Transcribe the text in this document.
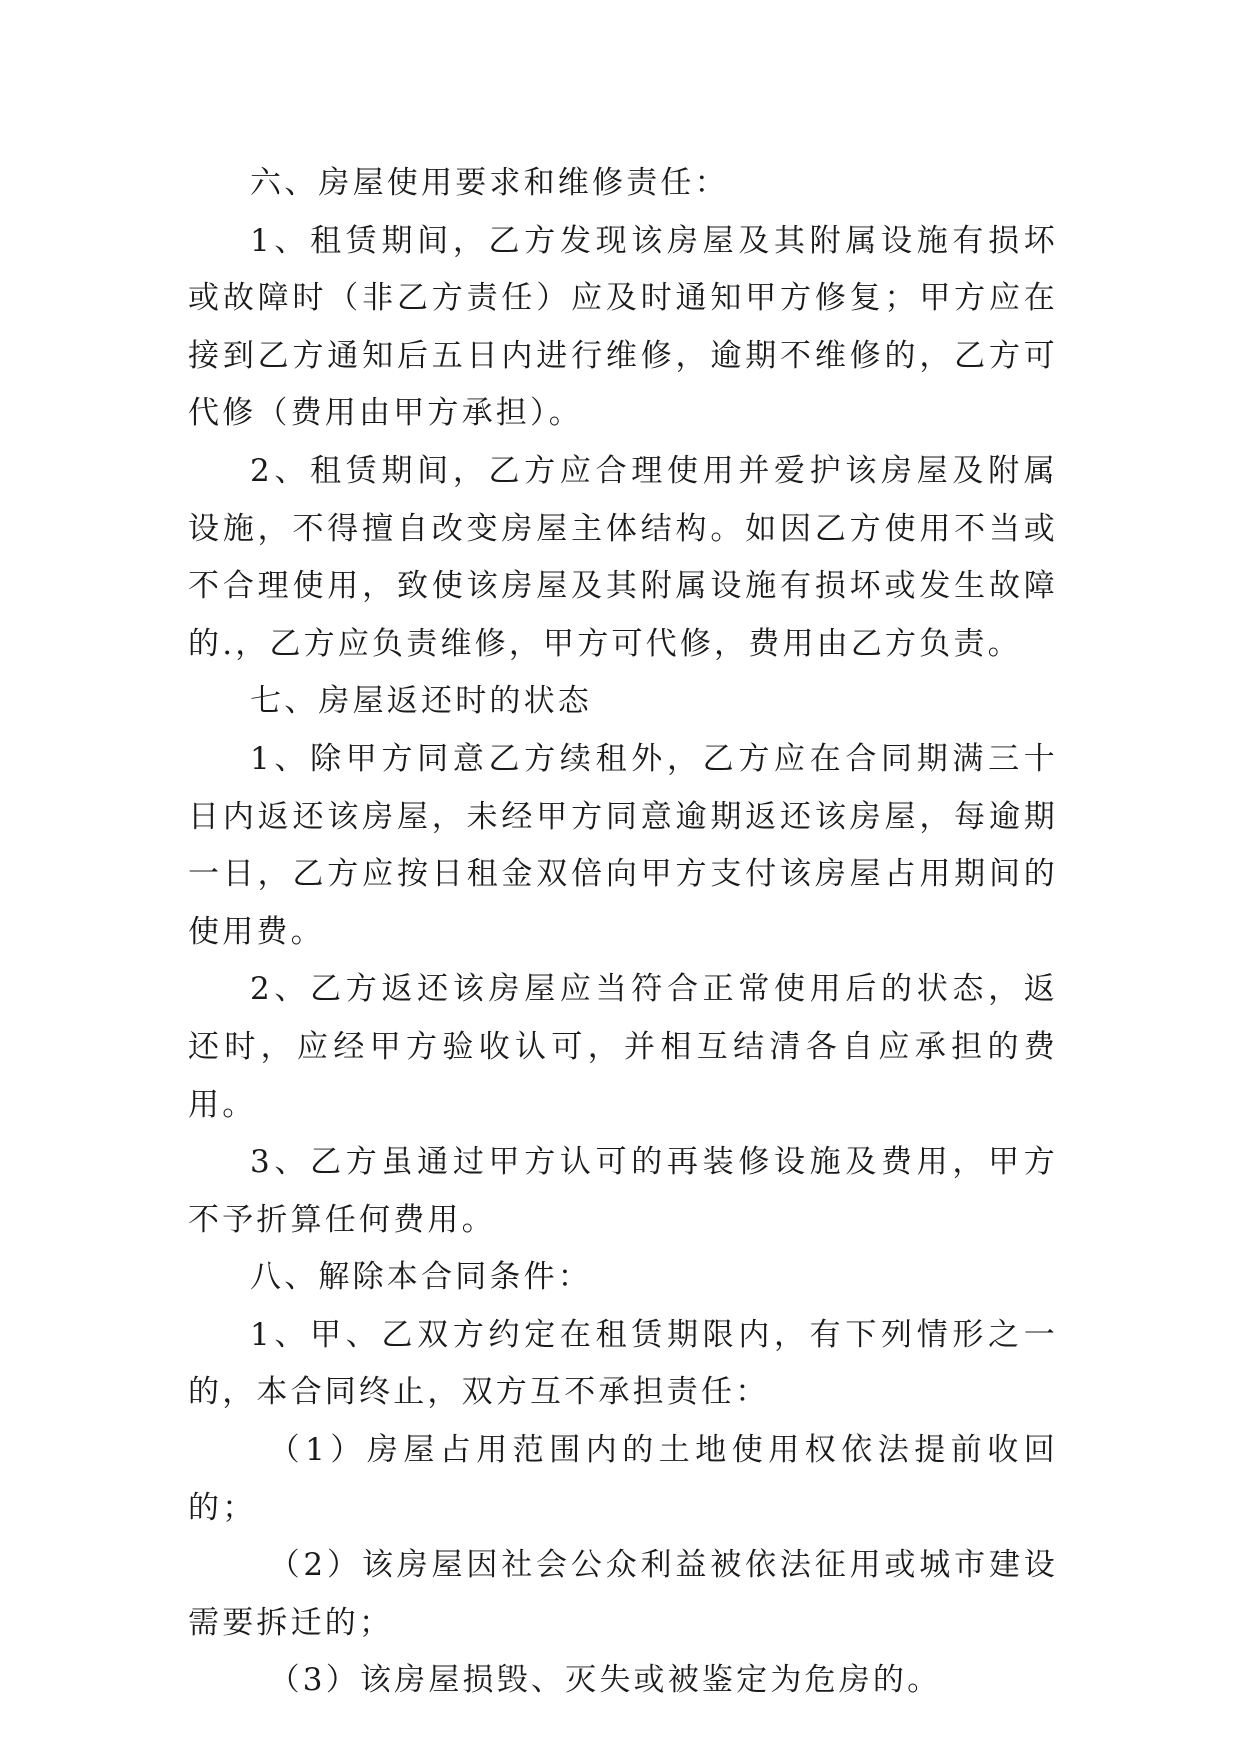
六、房屋使用要求和维修责任：

1、租赁期间，乙方发现该房屋及其附属设施有损坏或故障时（非乙方责任）应及时通知甲方修复；甲方应在接到乙方通知后五日内进行维修，逾期不维修的，乙方可代修（费用由甲方承担）。

2、租赁期间，乙方应合理使用并爱护该房屋及附属设施，不得擅自改变房屋主体结构。如因乙方使用不当或不合理使用，致使该房屋及其附属设施有损坏或发生故障的.，乙方应负责维修，甲方可代修，费用由乙方负责。

七、房屋返还时的状态

1、除甲方同意乙方续租外，乙方应在合同期满三十日内返还该房屋，未经甲方同意逾期返还该房屋，每逾期一日，乙方应按日租金双倍向甲方支付该房屋占用期间的使用费。

2、乙方返还该房屋应当符合正常使用后的状态，返还时，应经甲方验收认可，并相互结清各自应承担的费用。

3、乙方虽通过甲方认可的再装修设施及费用，甲方不予折算任何费用。

八、解除本合同条件：

1、甲、乙双方约定在租赁期限内，有下列情形之一的，本合同终止，双方互不承担责任：

（1）房屋占用范围内的土地使用权依法提前收回的；

（2）该房屋因社会公众利益被依法征用或城市建设需要拆迁的；

（3）该房屋损毁、灭失或被鉴定为危房的。
